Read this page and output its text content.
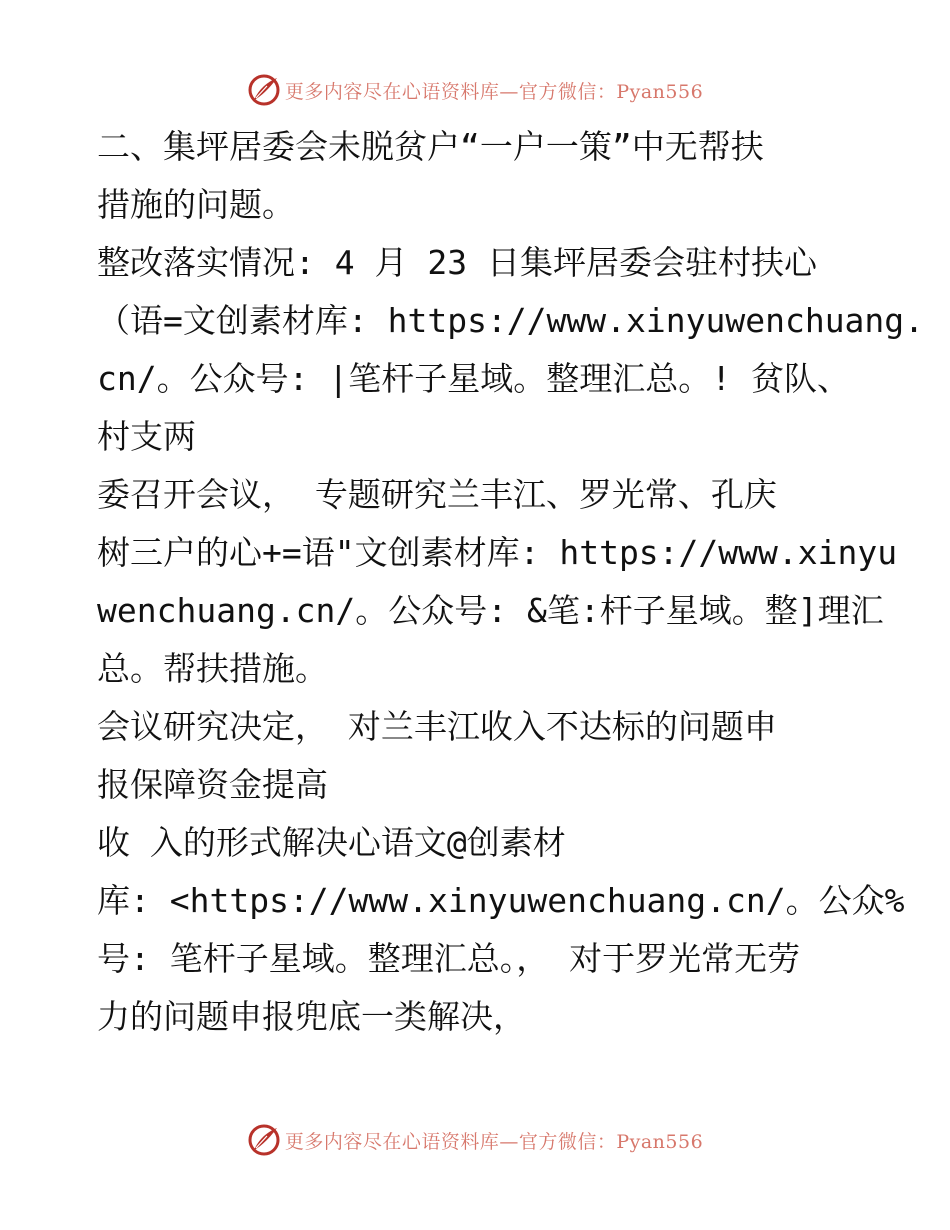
更多内容尽在心语资料库—官方微信：Pyan556
二、集坪居委会未脱贫户“一户一策”中无帮扶
措施的问题。
整改落实情况: 4 月 23 日集坪居委会驻村扶心
（语=文创素材库: https://www.xinyuwenchuang.
cn/。公众号: |笔杆子星域。整理汇总。! 贫队、
村支两
委召开会议， 专题研究兰丰江、罗光常、孔庆
树三户的心+=语"文创素材库: https://www.xinyu
wenchuang.cn/。公众号: &笔:杆子星域。整]理汇
总。帮扶措施。
会议研究决定， 对兰丰江收入不达标的问题申
报保障资金提高
收 入的形式解决心语文@创素材
库: <https://www.xinyuwenchuang.cn/。公众%
号: 笔杆子星域。整理汇总。， 对于罗光常无劳
力的问题申报兜底一类解决，
更多内容尽在心语资料库—官方微信：Pyan556
